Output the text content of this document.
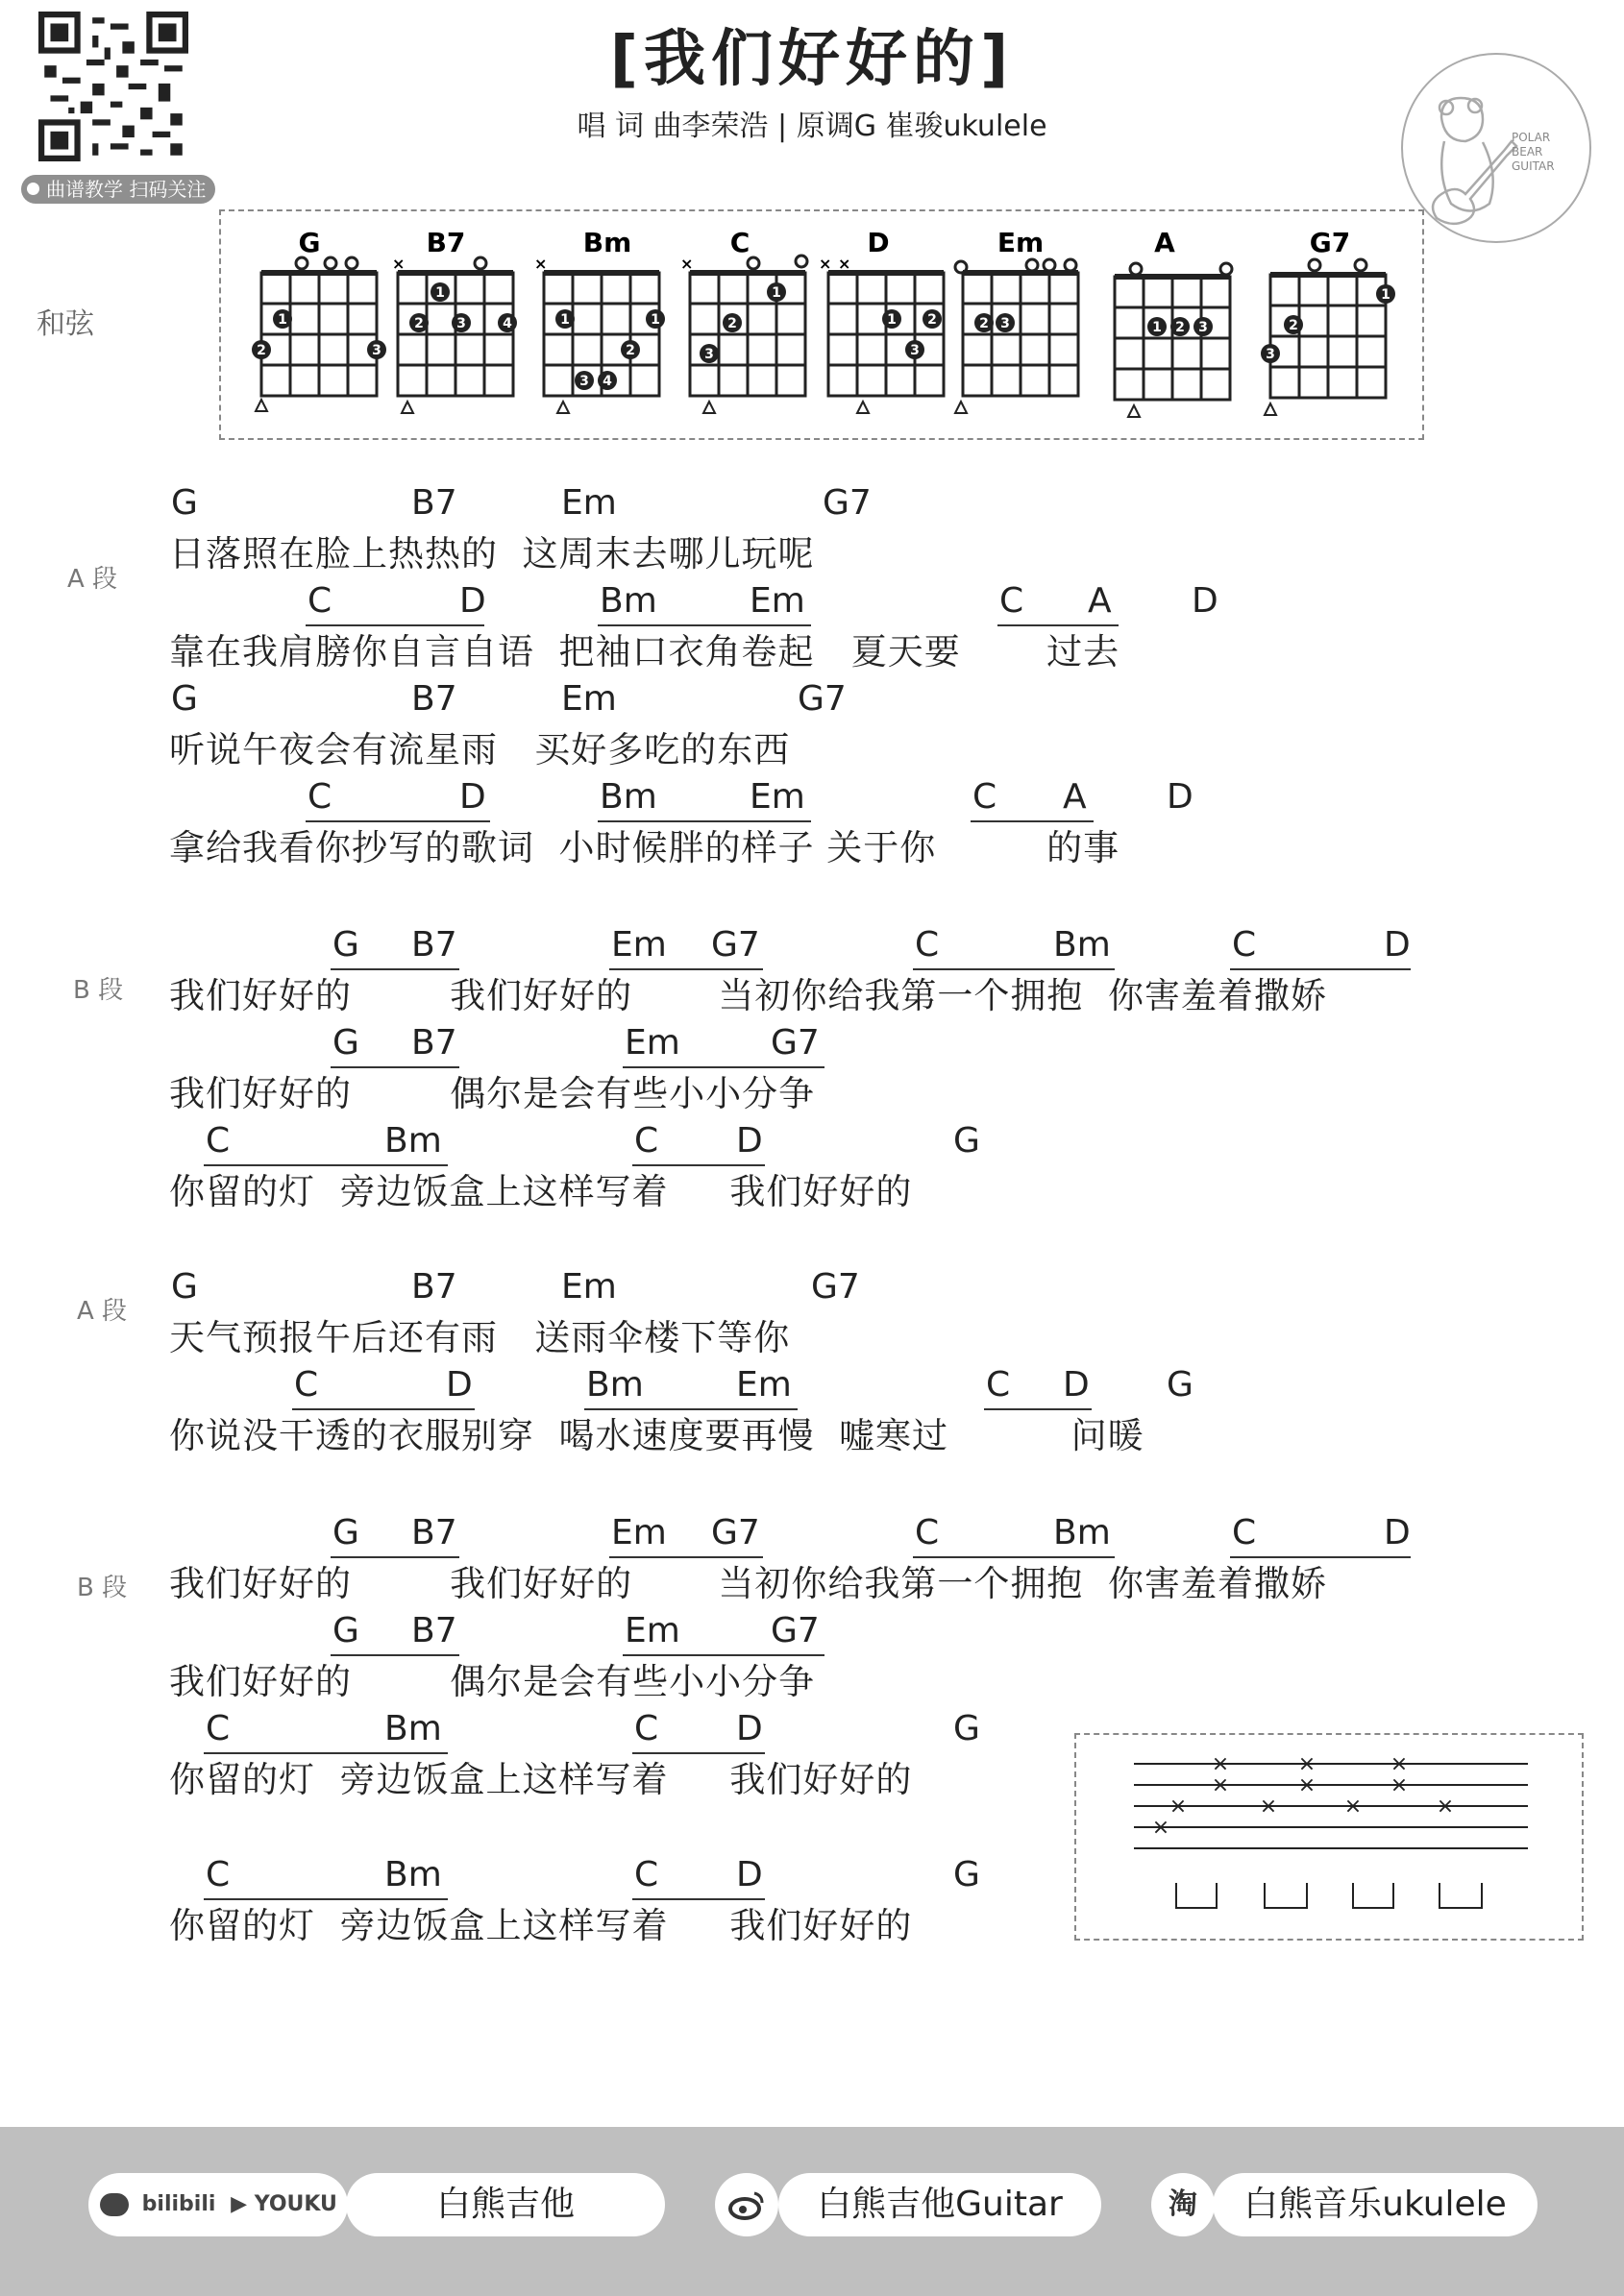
曲谱教学 扫码关注
[我们好好的]
唱 词 曲李荣浩 | 原调G 崔骏ukulele	POLAR
BEAR
GUITAR
和弦
G
1
2	3
B7
×
1
2 3	4
Bm
×
1	1
2
3 4
C
×
1
2
3
D
× ×
1 2
3
Em
2 3
A
1 2 3
G7
1
2
3
A 段
B 段
A 段
B 段
G	B7	Em	G7
日落照在脸上热热的  这周末去哪儿玩呢
C	D	Bm	Em	C A D
靠在我肩膀你自言自语  把袖口衣角卷起   夏天要       过去
G	B7	Em	G7
听说午夜会有流星雨   买好多吃的东西
C	D	Bm	Em	C A D
拿给我看你抄写的歌词  小时候胖的样子 关于你         的事
G B7	Em G7	C	Bm	C	D
我们好好的        我们好好的       当初你给我第一个拥抱  你害羞着撒娇
G B7	Em	G7
我们好好的        偶尔是会有些小小分争
C	Bm	C D	G
你留的灯  旁边饭盒上这样写着     我们好好的
G	B7	Em	G7
天气预报午后还有雨   送雨伞楼下等你
C	D	Bm	Em	C D G
你说没干透的衣服别穿  喝水速度要再慢  嘘寒过          问暖
G B7	Em G7	C	Bm	C	D
我们好好的        我们好好的       当初你给我第一个拥抱  你害羞着撒娇
G B7	Em	G7
我们好好的        偶尔是会有些小小分争
C	Bm	C D	G
你留的灯  旁边饭盒上这样写着     我们好好的
C	Bm	C D	G
你留的灯  旁边饭盒上这样写着     我们好好的
×
×
×
×
×
×
×	×	×	×
×
bilibili ▶ YOUKU	白熊吉他	白熊吉他Guitar	淘	白熊音乐ukulele
